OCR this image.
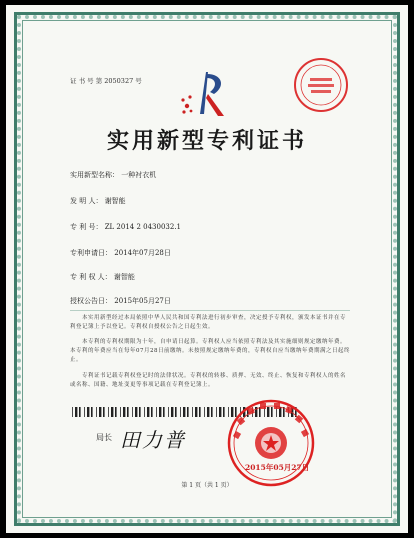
证 书 号 第 2050327 号
实用新型专利证书
实用新型名称： 一种衬衣机
发 明 人： 谢智能
专 利 号： ZL 2014 2 0430032.1
专利申请日： 2014年07月28日
专 利 权 人： 谢智能
授权公告日： 2015年05月27日
本实用新型经过本局依照中华人民共和国专利法进行初步审查，决定授予专利权，颁发本证书并在专利登记簿上予以登记。专利权自授权公告之日起生效。
本专利的专利权期限为十年，自申请日起算。专利权人应当依照专利法及其实施细则规定缴纳年费。本专利的年费应当在每年07月28日前缴纳。未按照规定缴纳年费的，专利权自应当缴纳年费期满之日起终止。
专利证书记载专利权登记时的法律状况。专利权的转移、质押、无效、终止、恢复和专利权人的姓名或名称、国籍、地址变更等事项记载在专利登记簿上。
局长 田力普
2015年05月27日
第 1 页（共 1 页）
